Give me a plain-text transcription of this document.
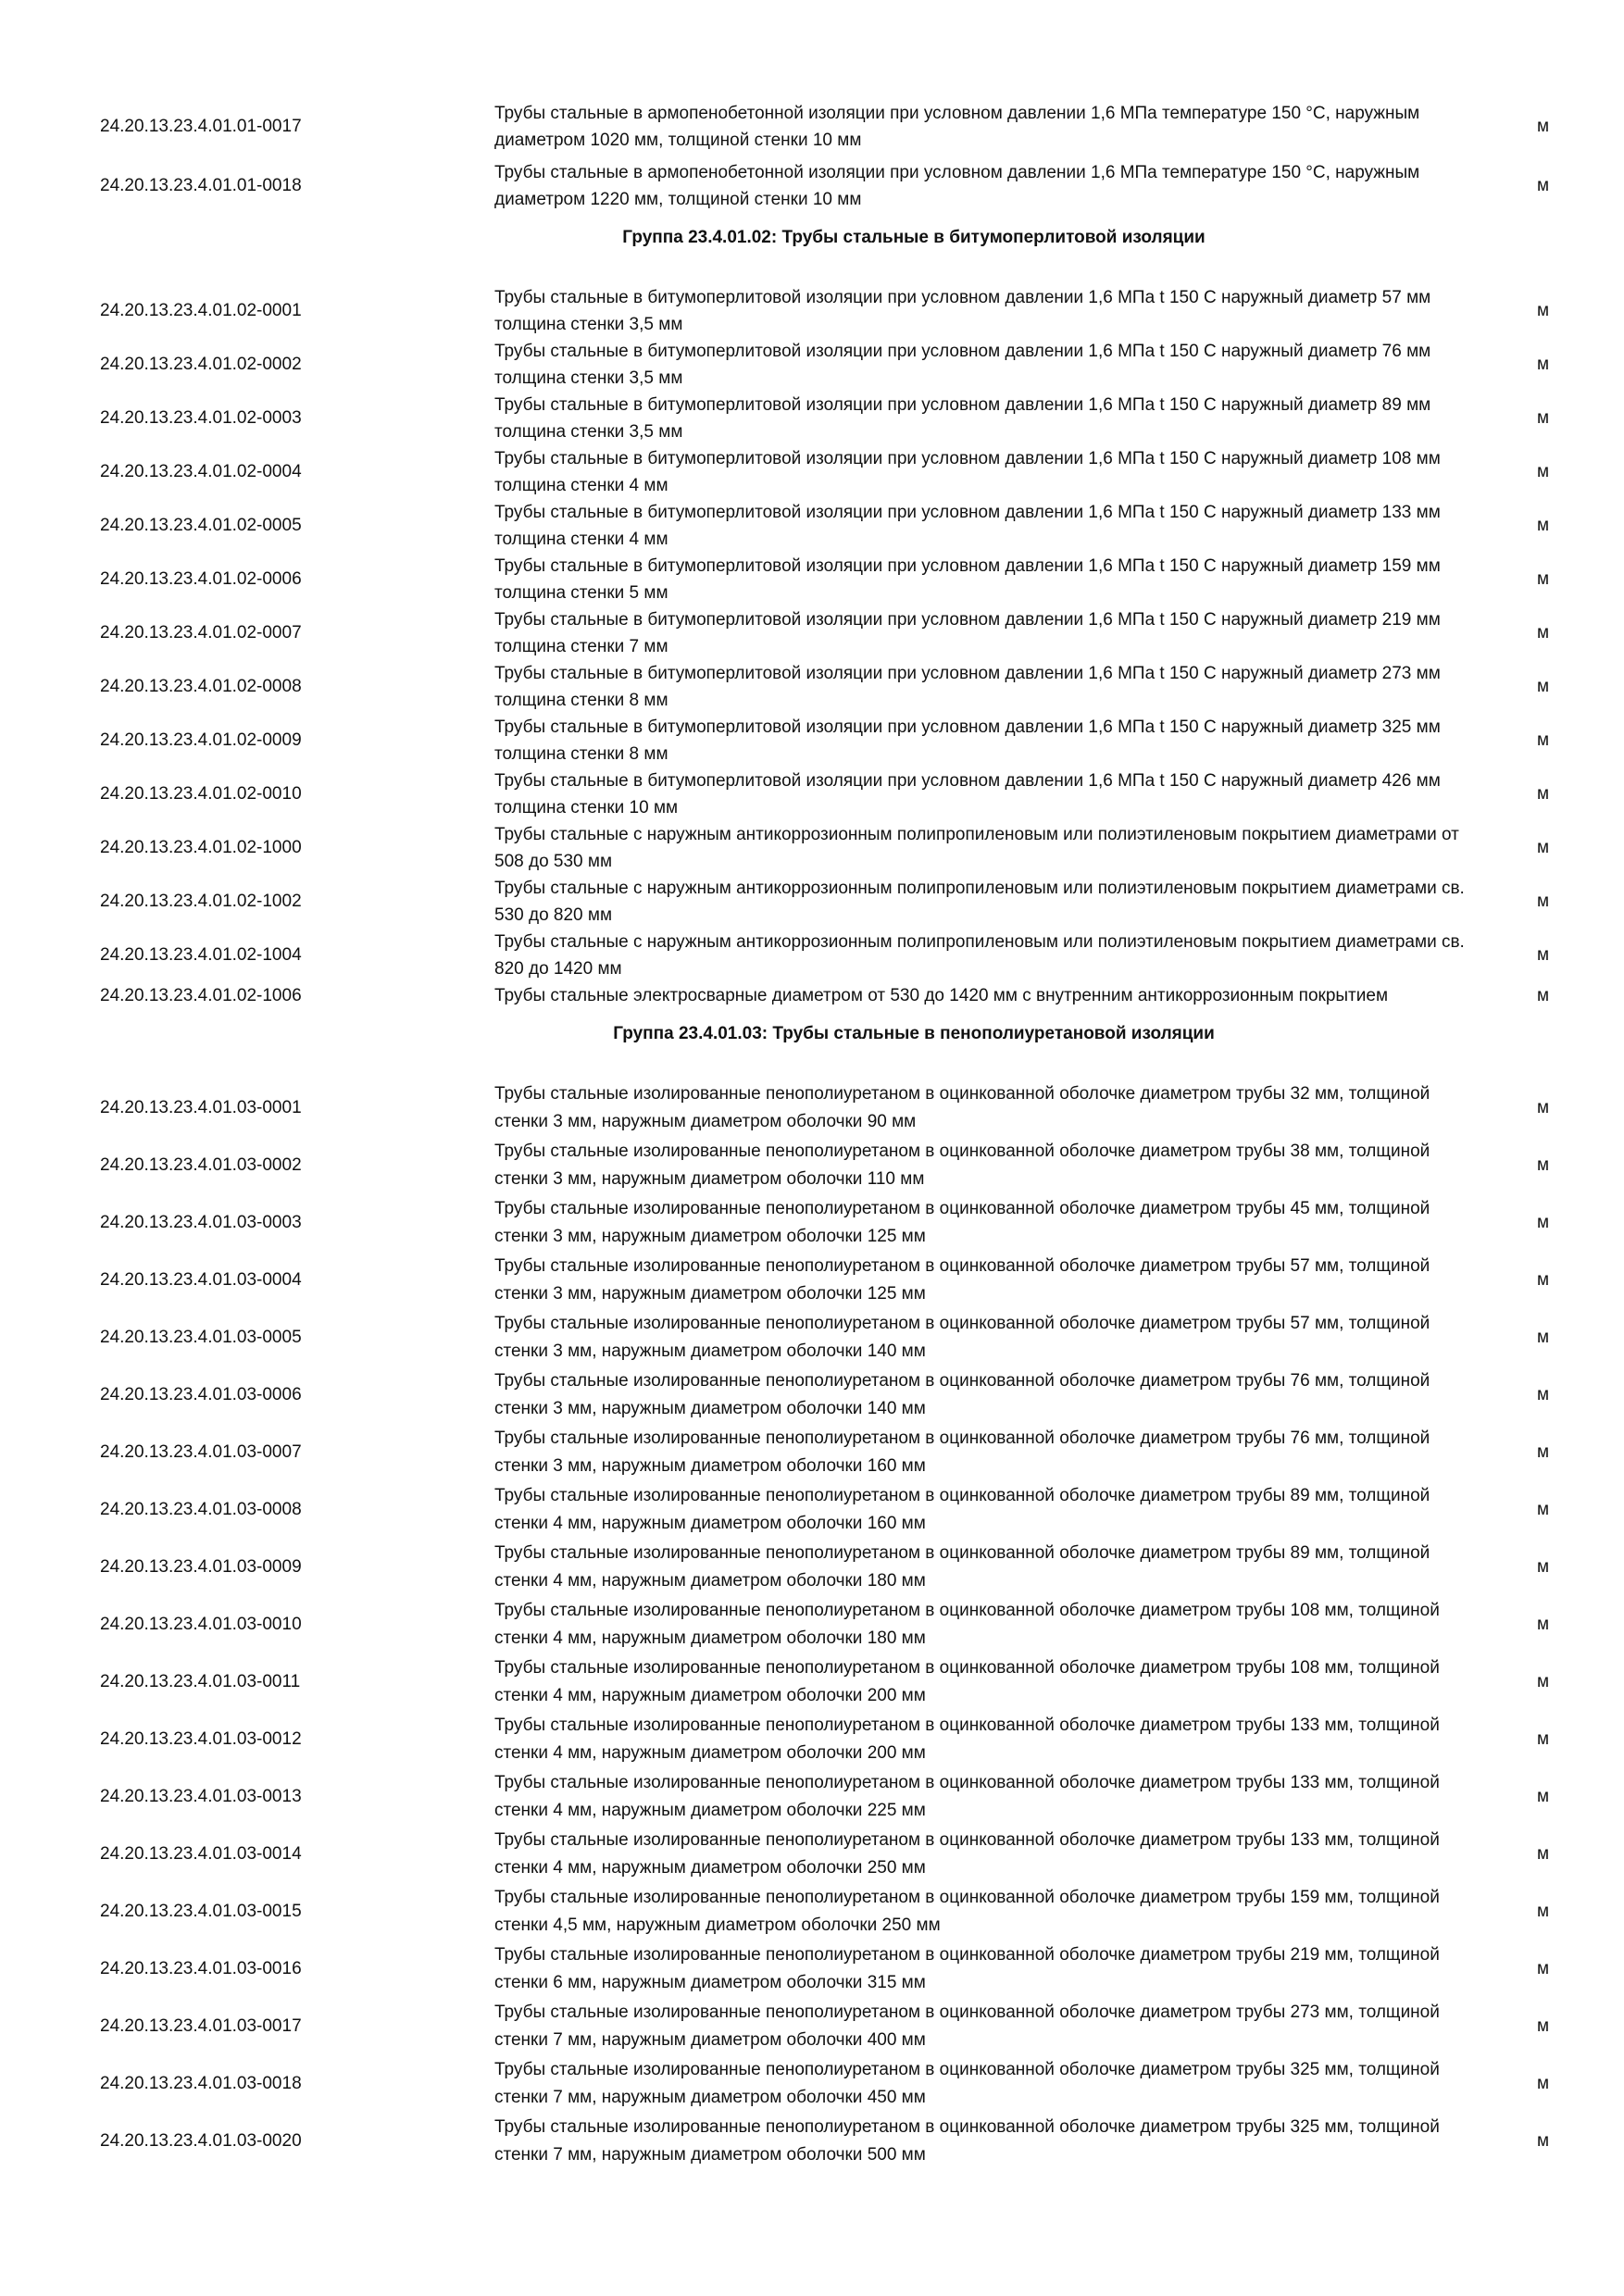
24.20.13.23.4.01.01-0017
Трубы стальные в армопенобетонной изоляции при условном давлении 1,6 МПа температуре 150 °С, наружным диаметром 1020 мм, толщиной стенки 10 мм
м
24.20.13.23.4.01.01-0018
Трубы стальные в армопенобетонной изоляции при условном давлении 1,6 МПа температуре 150 °С, наружным диаметром 1220 мм, толщиной стенки 10 мм
м
Группа 23.4.01.02: Трубы стальные в битумоперлитовой изоляции
24.20.13.23.4.01.02-0001
Трубы стальные в битумоперлитовой изоляции при условном давлении 1,6 МПа t 150 С наружный диаметр 57 мм толщина стенки 3,5 мм
м
24.20.13.23.4.01.02-0002
Трубы стальные в битумоперлитовой изоляции при условном давлении 1,6 МПа t 150 С наружный диаметр 76 мм толщина стенки 3,5 мм
м
24.20.13.23.4.01.02-0003
Трубы стальные в битумоперлитовой изоляции при условном давлении 1,6 МПа t 150 С наружный диаметр 89 мм толщина стенки 3,5 мм
м
24.20.13.23.4.01.02-0004
Трубы стальные в битумоперлитовой изоляции при условном давлении 1,6 МПа t 150 С наружный диаметр 108 мм толщина стенки 4 мм
м
24.20.13.23.4.01.02-0005
Трубы стальные в битумоперлитовой изоляции при условном давлении 1,6 МПа t 150 С наружный диаметр 133 мм толщина стенки 4 мм
м
24.20.13.23.4.01.02-0006
Трубы стальные в битумоперлитовой изоляции при условном давлении 1,6 МПа t 150 С наружный диаметр 159 мм толщина стенки 5 мм
м
24.20.13.23.4.01.02-0007
Трубы стальные в битумоперлитовой изоляции при условном давлении 1,6 МПа t 150 С наружный диаметр 219 мм толщина стенки 7 мм
м
24.20.13.23.4.01.02-0008
Трубы стальные в битумоперлитовой изоляции при условном давлении 1,6 МПа t 150 С наружный диаметр 273 мм толщина стенки 8 мм
м
24.20.13.23.4.01.02-0009
Трубы стальные в битумоперлитовой изоляции при условном давлении 1,6 МПа t 150 С наружный диаметр 325 мм толщина стенки 8 мм
м
24.20.13.23.4.01.02-0010
Трубы стальные в битумоперлитовой изоляции при условном давлении 1,6 МПа t 150 С наружный диаметр 426 мм толщина стенки 10 мм
м
24.20.13.23.4.01.02-1000
Трубы стальные с наружным антикоррозионным полипропиленовым или полиэтиленовым покрытием диаметрами от 508 до 530 мм
м
24.20.13.23.4.01.02-1002
Трубы стальные с наружным антикоррозионным полипропиленовым или полиэтиленовым покрытием диаметрами св. 530 до 820 мм
м
24.20.13.23.4.01.02-1004
Трубы стальные с наружным антикоррозионным полипропиленовым или полиэтиленовым покрытием диаметрами св. 820 до 1420 мм
м
24.20.13.23.4.01.02-1006	Трубы стальные электросварные диаметром от 530 до 1420 мм с внутренним антикоррозионным покрытием	м
Группа 23.4.01.03: Трубы стальные в пенополиуретановой изоляции
24.20.13.23.4.01.03-0001
Трубы стальные изолированные пенополиуретаном в оцинкованной оболочке диаметром трубы 32 мм, толщиной стенки 3 мм, наружным диаметром оболочки 90 мм
м
24.20.13.23.4.01.03-0002
Трубы стальные изолированные пенополиуретаном в оцинкованной оболочке диаметром трубы 38 мм, толщиной стенки 3 мм, наружным диаметром оболочки 110 мм
м
24.20.13.23.4.01.03-0003
Трубы стальные изолированные пенополиуретаном в оцинкованной оболочке диаметром трубы 45 мм, толщиной стенки 3 мм, наружным диаметром оболочки 125 мм
м
24.20.13.23.4.01.03-0004
Трубы стальные изолированные пенополиуретаном в оцинкованной оболочке диаметром трубы 57 мм, толщиной стенки 3 мм, наружным диаметром оболочки 125 мм
м
24.20.13.23.4.01.03-0005
Трубы стальные изолированные пенополиуретаном в оцинкованной оболочке диаметром трубы 57 мм, толщиной стенки 3 мм, наружным диаметром оболочки 140 мм
м
24.20.13.23.4.01.03-0006
Трубы стальные изолированные пенополиуретаном в оцинкованной оболочке диаметром трубы 76 мм, толщиной стенки 3 мм, наружным диаметром оболочки 140 мм
м
24.20.13.23.4.01.03-0007
Трубы стальные изолированные пенополиуретаном в оцинкованной оболочке диаметром трубы 76 мм, толщиной стенки 3 мм, наружным диаметром оболочки 160 мм
м
24.20.13.23.4.01.03-0008
Трубы стальные изолированные пенополиуретаном в оцинкованной оболочке диаметром трубы 89 мм, толщиной стенки 4 мм, наружным диаметром оболочки 160 мм
м
24.20.13.23.4.01.03-0009
Трубы стальные изолированные пенополиуретаном в оцинкованной оболочке диаметром трубы 89 мм, толщиной стенки 4 мм, наружным диаметром оболочки 180 мм
м
24.20.13.23.4.01.03-0010
Трубы стальные изолированные пенополиуретаном в оцинкованной оболочке диаметром трубы 108 мм, толщиной стенки 4 мм, наружным диаметром оболочки 180 мм
м
24.20.13.23.4.01.03-0011
Трубы стальные изолированные пенополиуретаном в оцинкованной оболочке диаметром трубы 108 мм, толщиной стенки 4 мм, наружным диаметром оболочки 200 мм
м
24.20.13.23.4.01.03-0012
Трубы стальные изолированные пенополиуретаном в оцинкованной оболочке диаметром трубы 133 мм, толщиной стенки 4 мм, наружным диаметром оболочки 200 мм
м
24.20.13.23.4.01.03-0013
Трубы стальные изолированные пенополиуретаном в оцинкованной оболочке диаметром трубы 133 мм, толщиной стенки 4 мм, наружным диаметром оболочки 225 мм
м
24.20.13.23.4.01.03-0014
Трубы стальные изолированные пенополиуретаном в оцинкованной оболочке диаметром трубы 133 мм, толщиной стенки 4 мм, наружным диаметром оболочки 250 мм
м
24.20.13.23.4.01.03-0015
Трубы стальные изолированные пенополиуретаном в оцинкованной оболочке диаметром трубы 159 мм, толщиной стенки 4,5 мм, наружным диаметром оболочки 250 мм
м
24.20.13.23.4.01.03-0016
Трубы стальные изолированные пенополиуретаном в оцинкованной оболочке диаметром трубы 219 мм, толщиной стенки 6 мм, наружным диаметром оболочки 315 мм
м
24.20.13.23.4.01.03-0017
Трубы стальные изолированные пенополиуретаном в оцинкованной оболочке диаметром трубы 273 мм, толщиной стенки 7 мм, наружным диаметром оболочки 400 мм
м
24.20.13.23.4.01.03-0018
Трубы стальные изолированные пенополиуретаном в оцинкованной оболочке диаметром трубы 325 мм, толщиной стенки 7 мм, наружным диаметром оболочки 450 мм
м
24.20.13.23.4.01.03-0020
Трубы стальные изолированные пенополиуретаном в оцинкованной оболочке диаметром трубы 325 мм, толщиной стенки 7 мм, наружным диаметром оболочки 500 мм
м
